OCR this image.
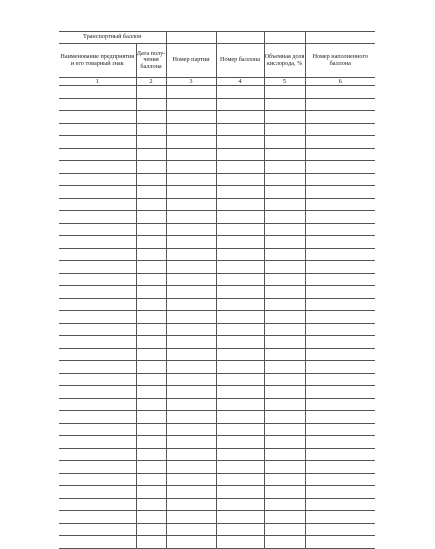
Транспортный баллон					
Наименование предприятия и его товарный знак	Дата полу-чения баллона	Номер партии	Номер баллона	Объемная доля кислорода, %	Номер наполненного баллона
1	2	3	4	5	6
